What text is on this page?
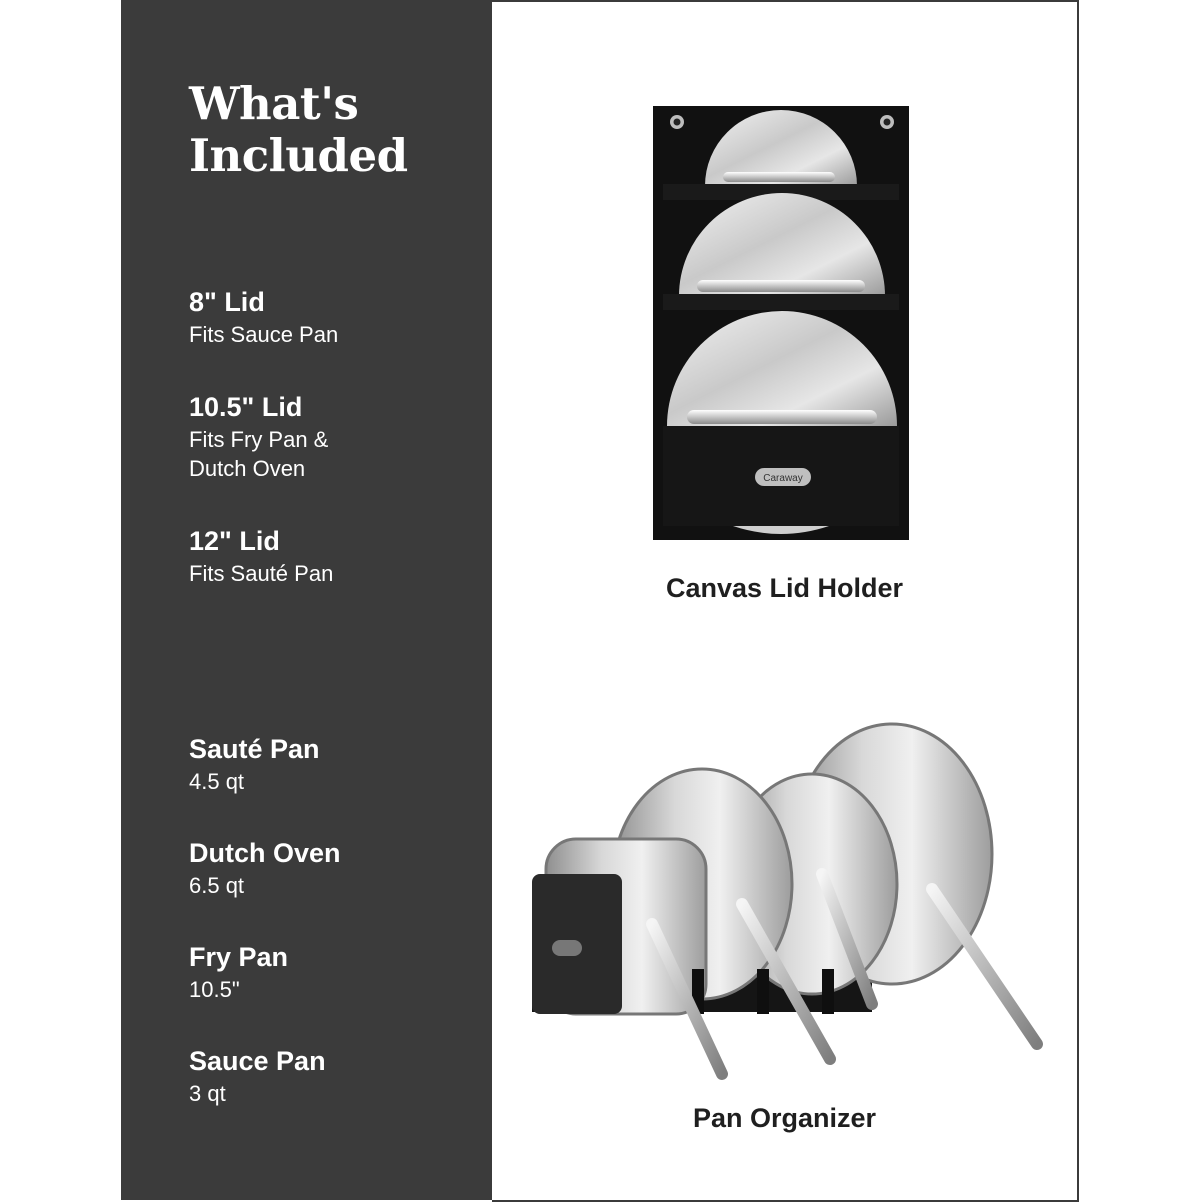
What's
Included
8" Lid
Fits Sauce Pan
10.5" Lid
Fits Fry Pan &
Dutch Oven
12" Lid
Fits Sauté Pan
Sauté Pan
4.5 qt
Dutch Oven
6.5 qt
Fry Pan
10.5"
Sauce Pan
3 qt
Caraway
Canvas Lid Holder
Pan Organizer
